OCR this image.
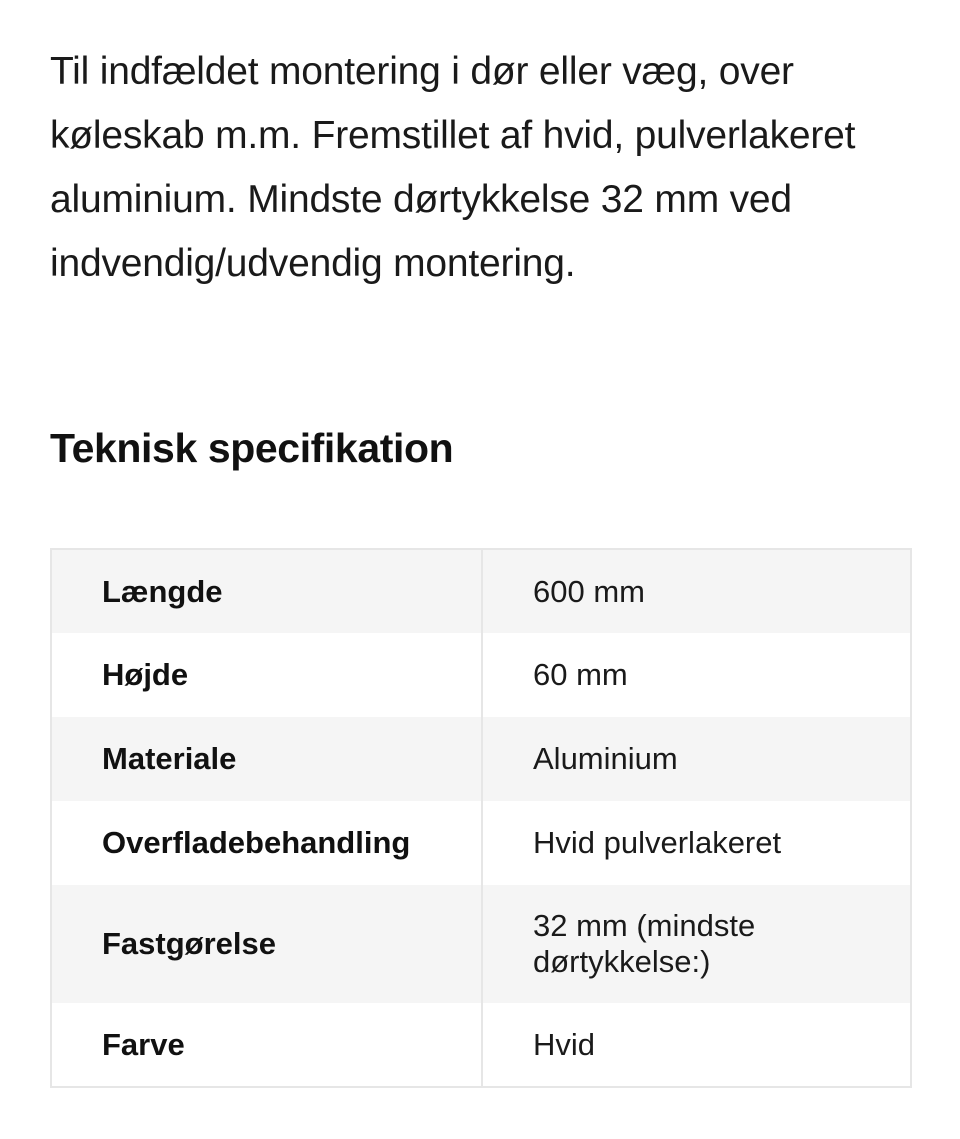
Til indfældet montering i dør eller væg, over køleskab m.m. Fremstillet af hvid, pulverlakeret aluminium. Mindste dørtykkelse 32 mm ved indvendig/udvendig montering.

Teknisk specifikation
Længde	600 mm
Højde	60 mm
Materiale	Aluminium
Overfladebehandling	Hvid pulverlakeret
Fastgørelse	32 mm (mindste dørtykkelse:)
Farve	Hvid
